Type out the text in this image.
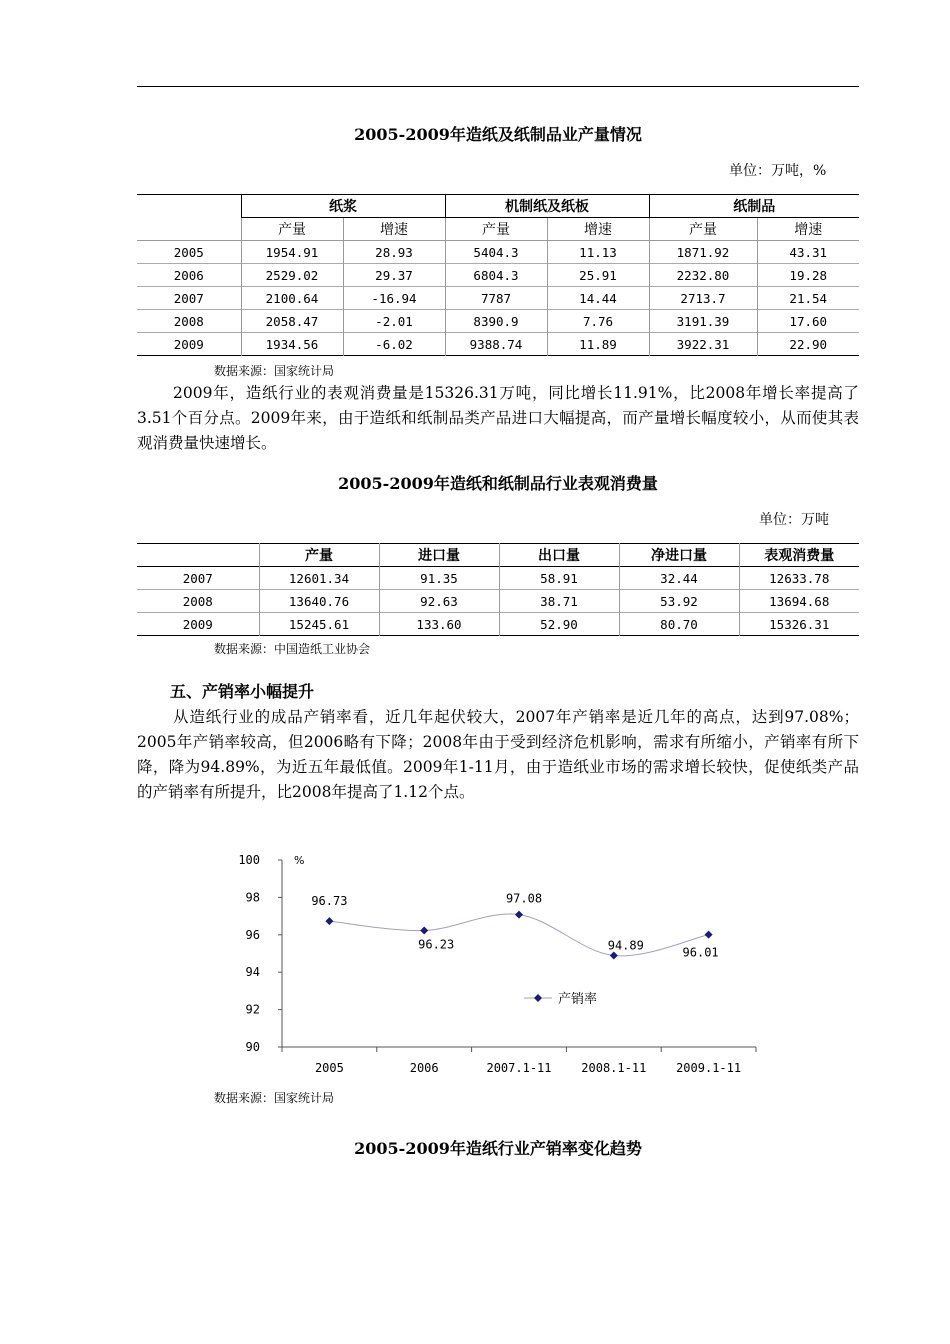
2005-2009年造纸及纸制品业产量情况
单位：万吨，%
	纸浆		机制纸及纸板		纸制品	
	产量	增速	产量	增速	产量	增速
2005	1954.91	28.93	5404.3	11.13	1871.92	43.31
2006	2529.02	29.37	6804.3	25.91	2232.80	19.28
2007	2100.64	-16.94	7787	14.44	2713.7	21.54
2008	2058.47	-2.01	8390.9	7.76	3191.39	17.60
2009	1934.56	-6.02	9388.74	11.89	3922.31	22.90
数据来源：国家统计局
2009年，造纸行业的表观消费量是15326.31万吨，同比增长11.91%，比2008年增长率提高了3.51个百分点。2009年来，由于造纸和纸制品类产品进口大幅提高，而产量增长幅度较小，从而使其表观消费量快速增长。
2005-2009年造纸和纸制品行业表观消费量
单位：万吨
	产量	进口量	出口量	净进口量	表观消费量
2007	12601.34	91.35	58.91	32.44	12633.78
2008	13640.76	92.63	38.71	53.92	13694.68
2009	15245.61	133.60	52.90	80.70	15326.31
数据来源：中国造纸工业协会
五、产销率小幅提升
从造纸行业的成品产销率看，近几年起伏较大，2007年产销率是近几年的高点，达到97.08%；2005年产销率较高，但2006略有下降；2008年由于受到经济危机影响，需求有所缩小，产销率有所下降，降为94.89%，为近五年最低值。2009年1-11月，由于造纸业市场的需求增长较快，促使纸类产品的产销率有所提升，比2008年提高了1.12个点。
100
98
96
94
92
90
%
2005	2006	2007.1-11 2008.1-11 2009.1-11
96.73
96.23
97.08
94.89
96.01
产销率
数据来源：国家统计局
2005-2009年造纸行业产销率变化趋势
